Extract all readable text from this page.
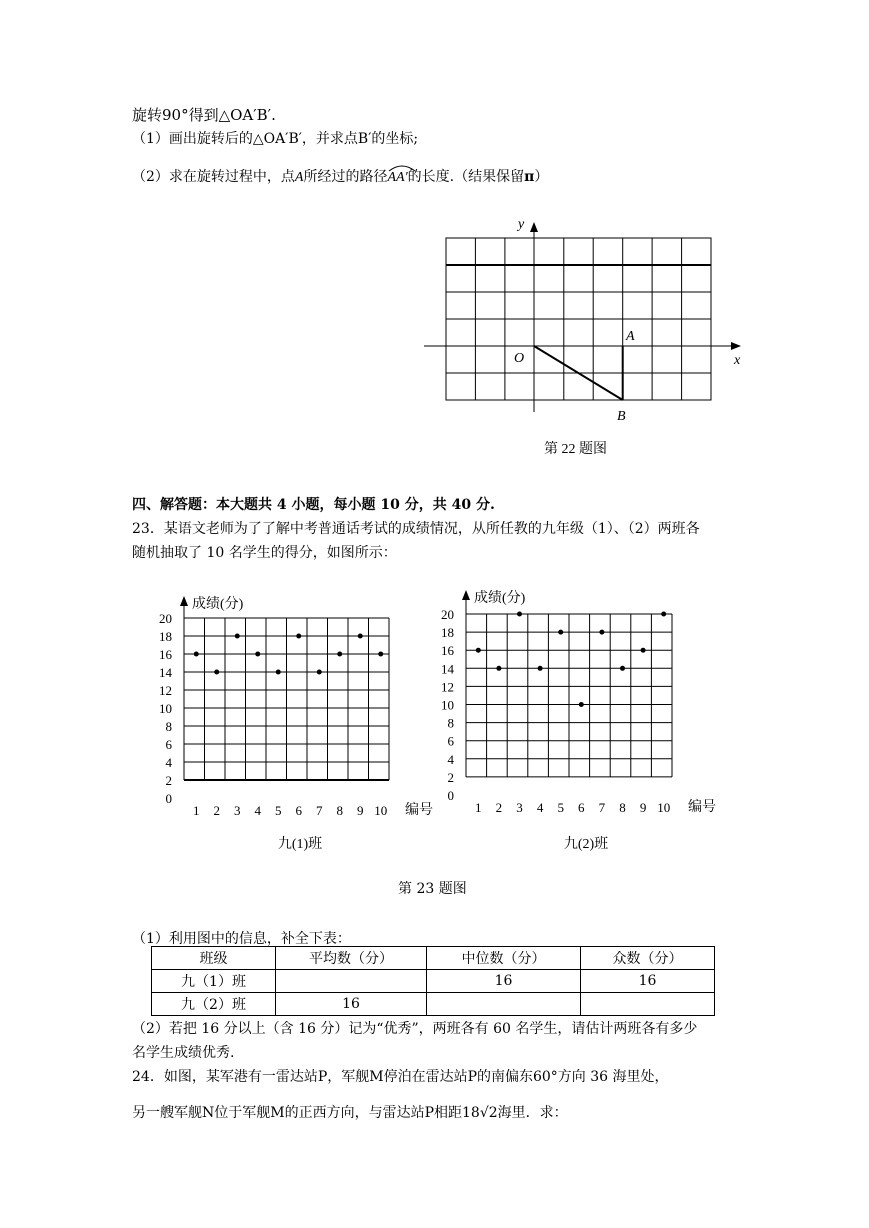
旋转90°得到△OA′B′.
（1）画出旋转后的△OA′B′，并求点B′的坐标;
（2）求在旋转过程中，点A所经过的路径
AA′的长度.（结果保留π）
y
x
O
A
B
第 22 题图
四、解答题：本大题共 4 小题，每小题 10 分，共 40 分.
23．某语文老师为了了解中考普通话考试的成绩情况，从所任教的九年级（1）、（2）两班各
随机抽取了 10 名学生的得分，如图所示：
成绩(分)
0
2
4
6
8
10
12
14
16
18
20
1 2 3 4 5 6 7 8 9 10 编号
九(1)班
成绩(分)
0
2
4
6
8
10
12
14
16
18
20
1 2 3 4 5 6 7 8 9 10 编号
九(2)班
第 23 题图
（1）利用图中的信息，补全下表：
班级	平均数（分）	中位数（分）	众数（分）
九（1）班		16	16
九（2）班	16		
（2）若把 16 分以上（含 16 分）记为“优秀”，两班各有 60 名学生，请估计两班各有多少
名学生成绩优秀.
24．如图，某军港有一雷达站P，军舰M停泊在雷达站P的南偏东60°方向 36 海里处，
另一艘军舰N位于军舰M的正西方向，与雷达站P相距18√2海里．求：
